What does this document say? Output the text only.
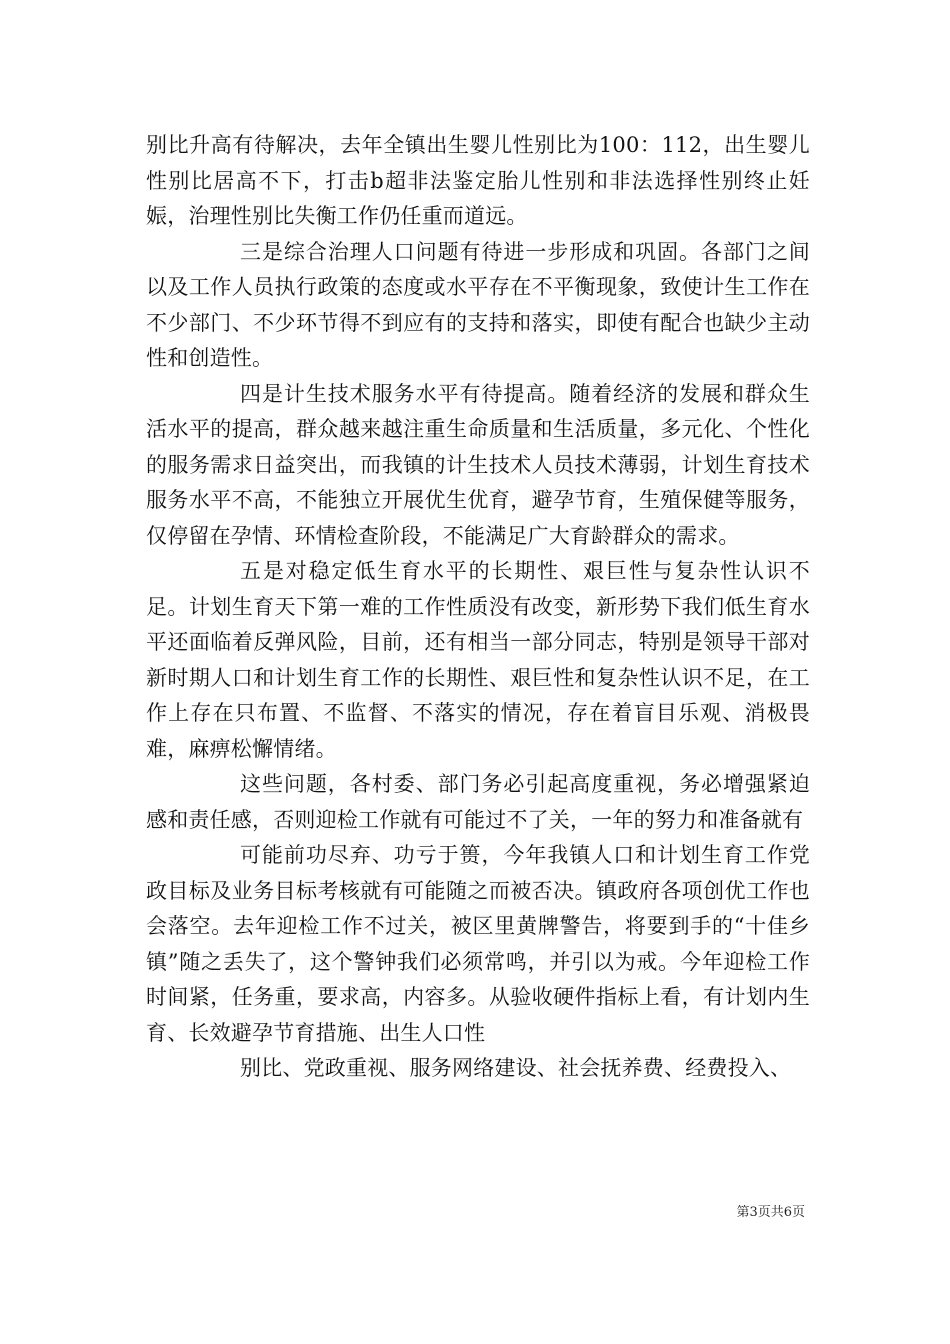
别比升高有待解决，去年全镇出生婴儿性别比为100：112，出生婴儿性别比居高不下，打击b超非法鉴定胎儿性别和非法选择性别终止妊娠，治理性别比失衡工作仍任重而道远。

三是综合治理人口问题有待进一步形成和巩固。各部门之间以及工作人员执行政策的态度或水平存在不平衡现象，致使计生工作在不少部门、不少环节得不到应有的支持和落实，即使有配合也缺少主动性和创造性。

四是计生技术服务水平有待提高。随着经济的发展和群众生活水平的提高，群众越来越注重生命质量和生活质量，多元化、个性化的服务需求日益突出，而我镇的计生技术人员技术薄弱，计划生育技术服务水平不高，不能独立开展优生优育，避孕节育，生殖保健等服务，仅停留在孕情、环情检查阶段，不能满足广大育龄群众的需求。

五是对稳定低生育水平的长期性、艰巨性与复杂性认识不足。计划生育天下第一难的工作性质没有改变，新形势下我们低生育水平还面临着反弹风险，目前，还有相当一部分同志，特别是领导干部对新时期人口和计划生育工作的长期性、艰巨性和复杂性认识不足，在工作上存在只布置、不监督、不落实的情况，存在着盲目乐观、消极畏难，麻痹松懈情绪。

这些问题，各村委、部门务必引起高度重视，务必增强紧迫感和责任感，否则迎检工作就有可能过不了关，一年的努力和准备就有

可能前功尽弃、功亏于篑，今年我镇人口和计划生育工作党政目标及业务目标考核就有可能随之而被否决。镇政府各项创优工作也会落空。去年迎检工作不过关，被区里黄牌警告，将要到手的“十佳乡镇”随之丢失了，这个警钟我们必须常鸣，并引以为戒。今年迎检工作时间紧，任务重，要求高，内容多。从验收硬件指标上看，有计划内生育、长效避孕节育措施、出生人口性

别比、党政重视、服务网络建设、社会抚养费、经费投入、

第3页共6页
